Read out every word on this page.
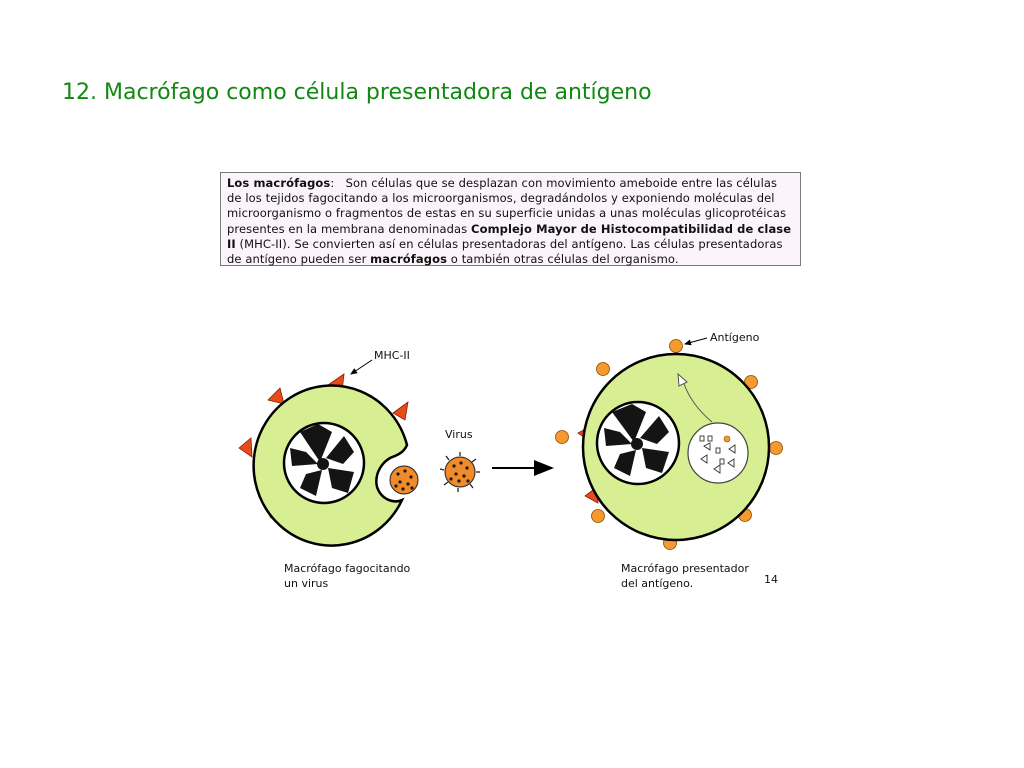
12. Macrófago como célula presentadora de antígeno
Los macrófagos:   Son células que se desplazan con movimiento ameboide entre las células
de los tejidos fagocitando a los microorganismos, degradándolos y exponiendo moléculas del
microorganismo o fragmentos de estas en su superficie unidas a unas moléculas glicoprotéicas
presentes en la membrana denominadas Complejo Mayor de Histocompatibilidad de clase
II (MHC-II). Se convierten así en células presentadoras del antígeno. Las células presentadoras
de antígeno pueden ser macrófagos o también otras células del organismo.
MHC-II
Virus
Antígeno
Macrófago fagocitando
un virus
Macrófago presentador
del antígeno.	14
